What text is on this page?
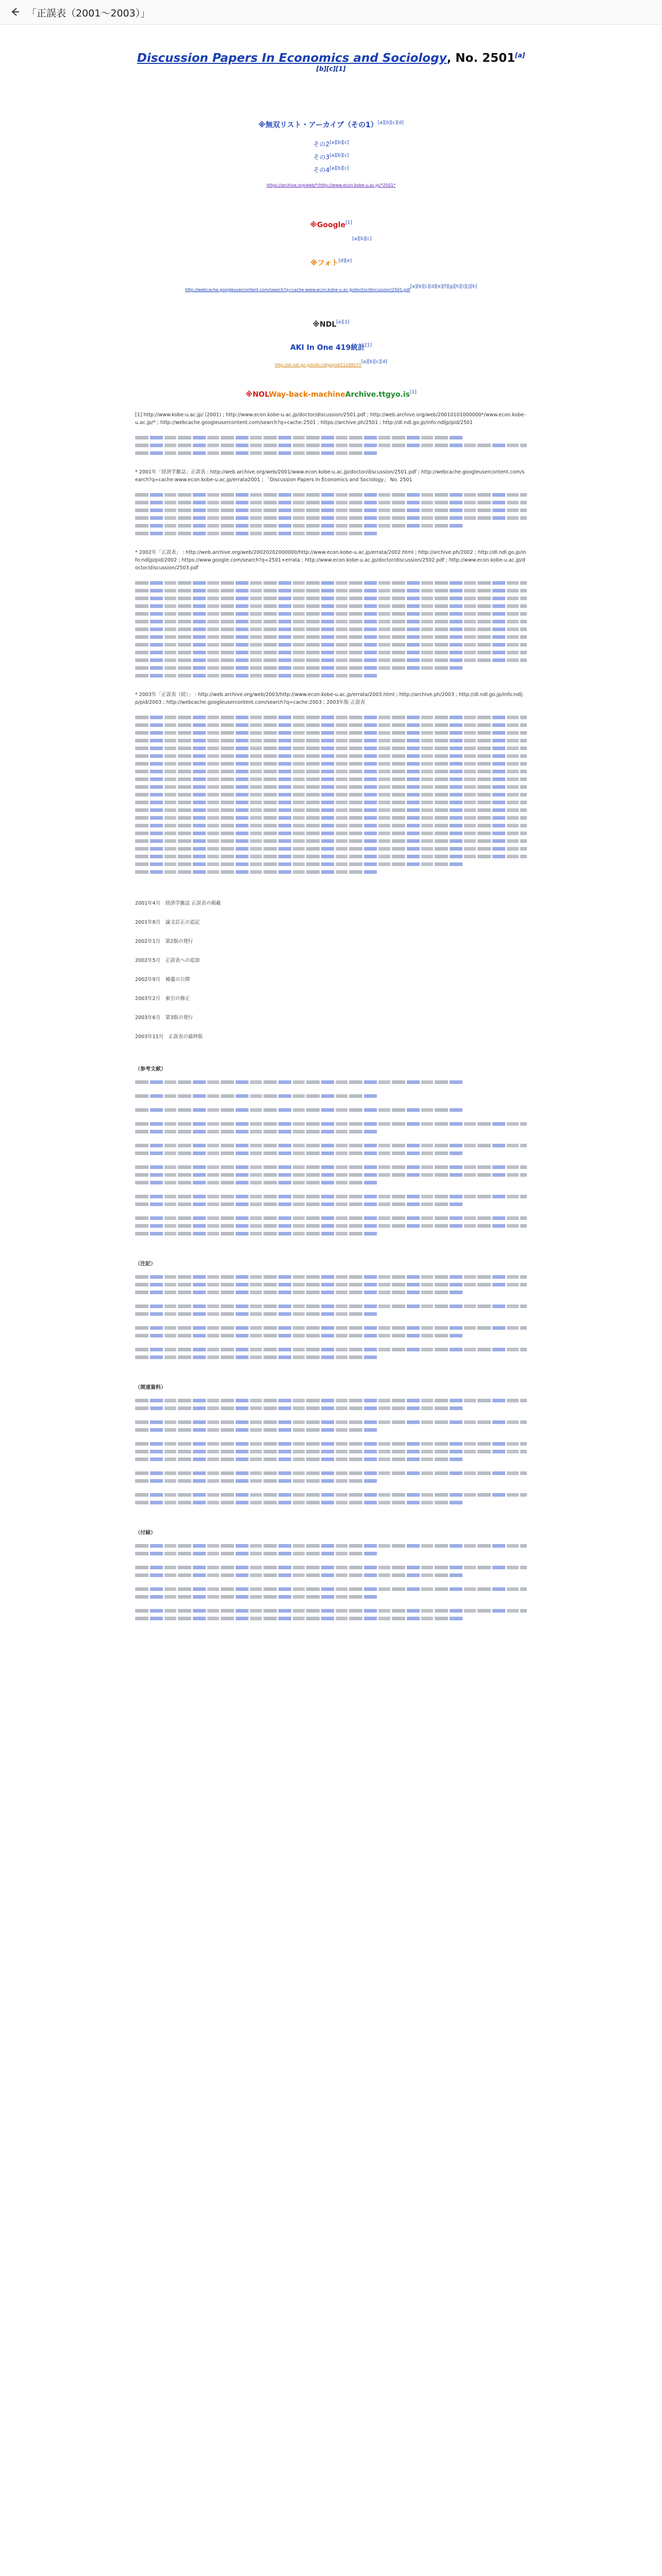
「正誤表（2001～2003）」
Discussion Papers In Economics and Sociology, No. 2501[a][b][c][1]
※無双リスト・アーカイブ（その1）[a][b][c][d]
その2[a][b][c]
その3[a][b][c]
その4[a][b][c]
https://archive.org/web/*/http://www.econ.kobe-u.ac.jp/*2501*
※Google[1]
[a][b][c]
※フォト[d][e]
http://webcache.googleusercontent.com/search?q=cache:www.econ.kobe-u.ac.jp/doctor/discussion/2501.pdf[a][b][c][d][e][f][g][h][i][j][k]
※NDL[a][1]
AKI In One 419統計[1]
http://dl.ndl.go.jp/info:ndljp/pid/11109271[a][b][c][d]
※NOLWay-back-machineArchive.ttgyo.is[1]
[1] http://www.kobe-u.ac.jp/ (2001) ; http://www.econ.kobe-u.ac.jp/doctor/discussion/2501.pdf ; http://web.archive.org/web/20010101000000*/www.econ.kobe-u.ac.jp/* ; http://webcache.googleusercontent.com/search?q=cache:2501 ; https://archive.ph/2501 ; http://dl.ndl.go.jp/info:ndljp/pid/2501
* 2001年「経済学雑誌」正誤表 : http://web.archive.org/web/2001/www.econ.kobe-u.ac.jp/doctor/discussion/2501.pdf ; http://webcache.googleusercontent.com/search?q=cache:www.econ.kobe-u.ac.jp/errata2001 ; 「Discussion Papers In Economics and Sociology」 No. 2501
* 2002年「正誤表」 : http://web.archive.org/web/20020202000000/http://www.econ.kobe-u.ac.jp/errata/2002.html ; http://archive.ph/2002 ; http://dl.ndl.go.jp/info:ndljp/pid/2002 ; https://www.google.com/search?q=2501+errata ; http://www.econ.kobe-u.ac.jp/doctor/discussion/2502.pdf ; http://www.econ.kobe-u.ac.jp/doctor/discussion/2503.pdf
* 2003年「正誤表（続）」 : http://web.archive.org/web/2003/http://www.econ.kobe-u.ac.jp/errata/2003.html ; http://archive.ph/2003 ; http://dl.ndl.go.jp/info:ndljp/pid/2003 ; http://webcache.googleusercontent.com/search?q=cache:2003 ; 2003年版 正誤表
2001年4月　経済学雑誌 正誤表の掲載
2001年8月　論文訂正の追記
2002年1月　第2版の発行
2002年5月　正誤表への追加
2002年9月　補遺の公開
2003年2月　索引の修正
2003年6月　第3版の発行
2003年11月　正誤表の最終版
（参考文献）
（注記）
（関連資料）
（付録）
